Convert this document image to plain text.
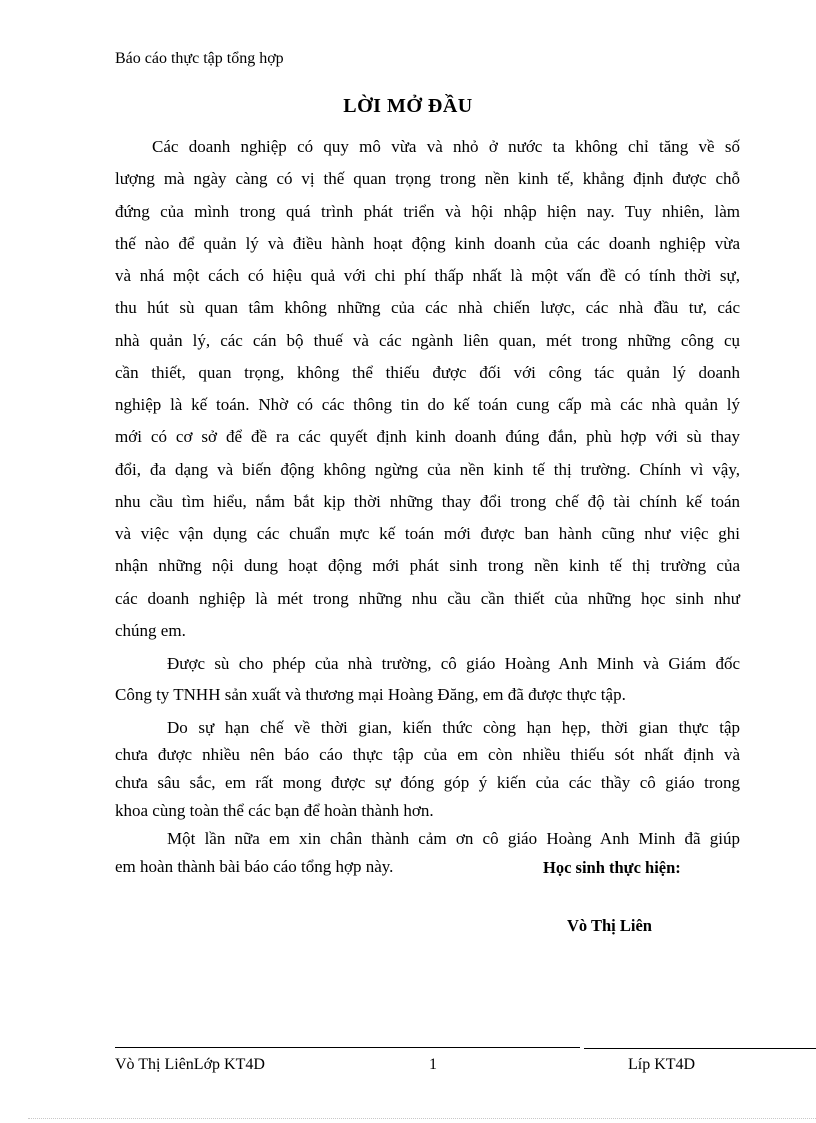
Báo cáo thực tập tổng hợp
LỜI MỞ ĐẦU
Các doanh nghiệp có quy mô vừa và nhỏ ở nước ta không chỉ tăng về số
lượng mà ngày càng có vị thế quan trọng trong nền kinh tế, khẳng định được chỗ
đứng của mình trong quá trình phát triển và hội nhập hiện nay. Tuy nhiên, làm
thế nào để quản lý và điều hành hoạt động kinh doanh của các doanh nghiệp vừa
và nhá một cách có hiệu quả với chi phí thấp nhất là một vấn đề có tính thời sự,
thu hút sù quan tâm không những của các nhà chiến lược, các nhà đầu tư, các
nhà quản lý, các cán bộ thuế và các ngành liên quan, mét trong những công cụ
cần thiết, quan trọng, không thể thiếu được đối với công tác quản lý doanh
nghiệp là kế toán. Nhờ có các thông tin do kế toán cung cấp mà các nhà quản lý
mới có cơ sở để đề ra các quyết định kinh doanh đúng đắn, phù hợp với sù thay
đổi, đa dạng và biến động không ngừng của nền kinh tế thị trường. Chính vì vậy,
nhu cầu tìm hiểu, nắm bắt kịp thời những thay đổi trong chế độ tài chính kế toán
và việc vận dụng các chuẩn mực kế toán mới được ban hành cũng như việc ghi
nhận những nội dung hoạt động mới phát sinh trong nền kinh tế thị trường của
các doanh nghiệp là mét trong những nhu cầu cần thiết của những học sinh như
chúng em.
Được sù cho phép của nhà trường, cô giáo Hoàng Anh Minh và Giám đốc
Công ty TNHH sản xuất và thương mại Hoàng Đăng, em đã được thực tập.
Do sự hạn chế về thời gian, kiến thức còng hạn hẹp, thời gian thực tập
chưa được nhiều nên báo cáo thực tập của em còn nhiều thiếu sót nhất định và
chưa sâu sắc, em rất mong được sự đóng góp ý kiến của các thầy cô giáo trong
khoa cùng toàn thể các bạn để hoàn thành hơn.
Một lần nữa em xin chân thành cảm ơn cô giáo Hoàng Anh Minh đã giúp
em hoàn thành bài báo cáo tổng hợp này.	Học sinh thực hiện:
Vò Thị Liên
Vò Thị LiênLớp KT4D	1	Líp KT4D
